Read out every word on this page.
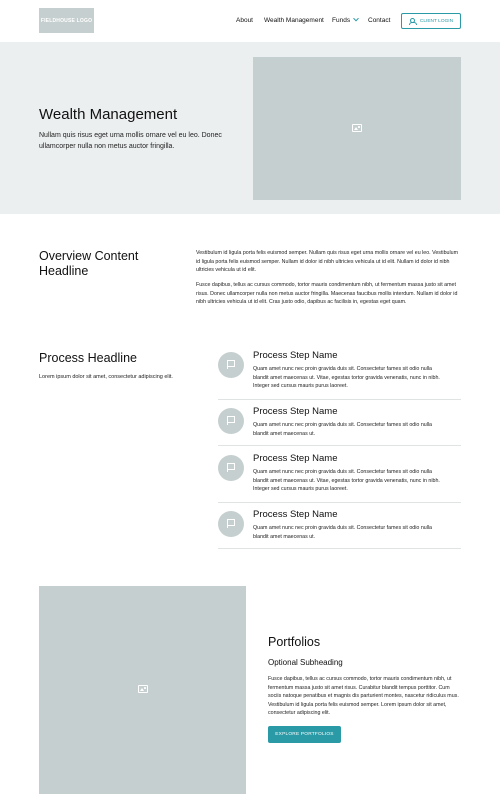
FIELDHOUSE LOGO	About Wealth Management Funds	Contact	CLIENT LOGIN
Wealth Management
Nullam quis risus eget urna mollis ornare vel eu leo. Donec ullamcorper nulla non metus auctor fringilla.
Overview Content Headline
Vestibulum id ligula porta felis euismod semper. Nullam quis risus eget urna mollis ornare vel eu leo. Vestibulum id ligula porta felis euismod semper. Nullam id dolor id nibh ultricies vehicula ut id elit. Nullam id dolor id nibh ultricies vehicula ut id elit.
Fusce dapibus, tellus ac cursus commodo, tortor mauris condimentum nibh, ut fermentum massa justo sit amet risus. Donec ullamcorper nulla non metus auctor fringilla. Maecenas faucibus mollis interdum. Nullam id dolor id nibh ultricies vehicula ut id elit. Cras justo odio, dapibus ac facilisis in, egestas eget quam.
Process Headline
Lorem ipsum dolor sit amet, consectetur adipiscing elit.
Process Step Name
Quam amet nunc nec proin gravida duis sit. Consectetur fames sit odio nulla blandit amet maecenas ut. Vitae, egestas tortor gravida venenatis, nunc in nibh. Integer sed cursus mauris purus laoreet.
Process Step Name
Quam amet nunc nec proin gravida duis sit. Consectetur fames sit odio nulla blandit amet maecenas ut.
Process Step Name
Quam amet nunc nec proin gravida duis sit. Consectetur fames sit odio nulla blandit amet maecenas ut. Vitae, egestas tortor gravida venenatis, nunc in nibh. Integer sed cursus mauris purus laoreet.
Process Step Name
Quam amet nunc nec proin gravida duis sit. Consectetur fames sit odio nulla blandit amet maecenas ut.
Portfolios
Optional Subheading
Fusce dapibus, tellus ac cursus commodo, tortor mauris condimentum nibh, ut fermentum massa justo sit amet risus. Curabitur blandit tempus porttitor. Cum sociis natoque penatibus et magnis dis parturient montes, nascetur ridiculus mus. Vestibulum id ligula porta felis euismod semper. Lorem ipsum dolor sit amet, consectetur adipiscing elit.
EXPLORE PORTFOLIOS
